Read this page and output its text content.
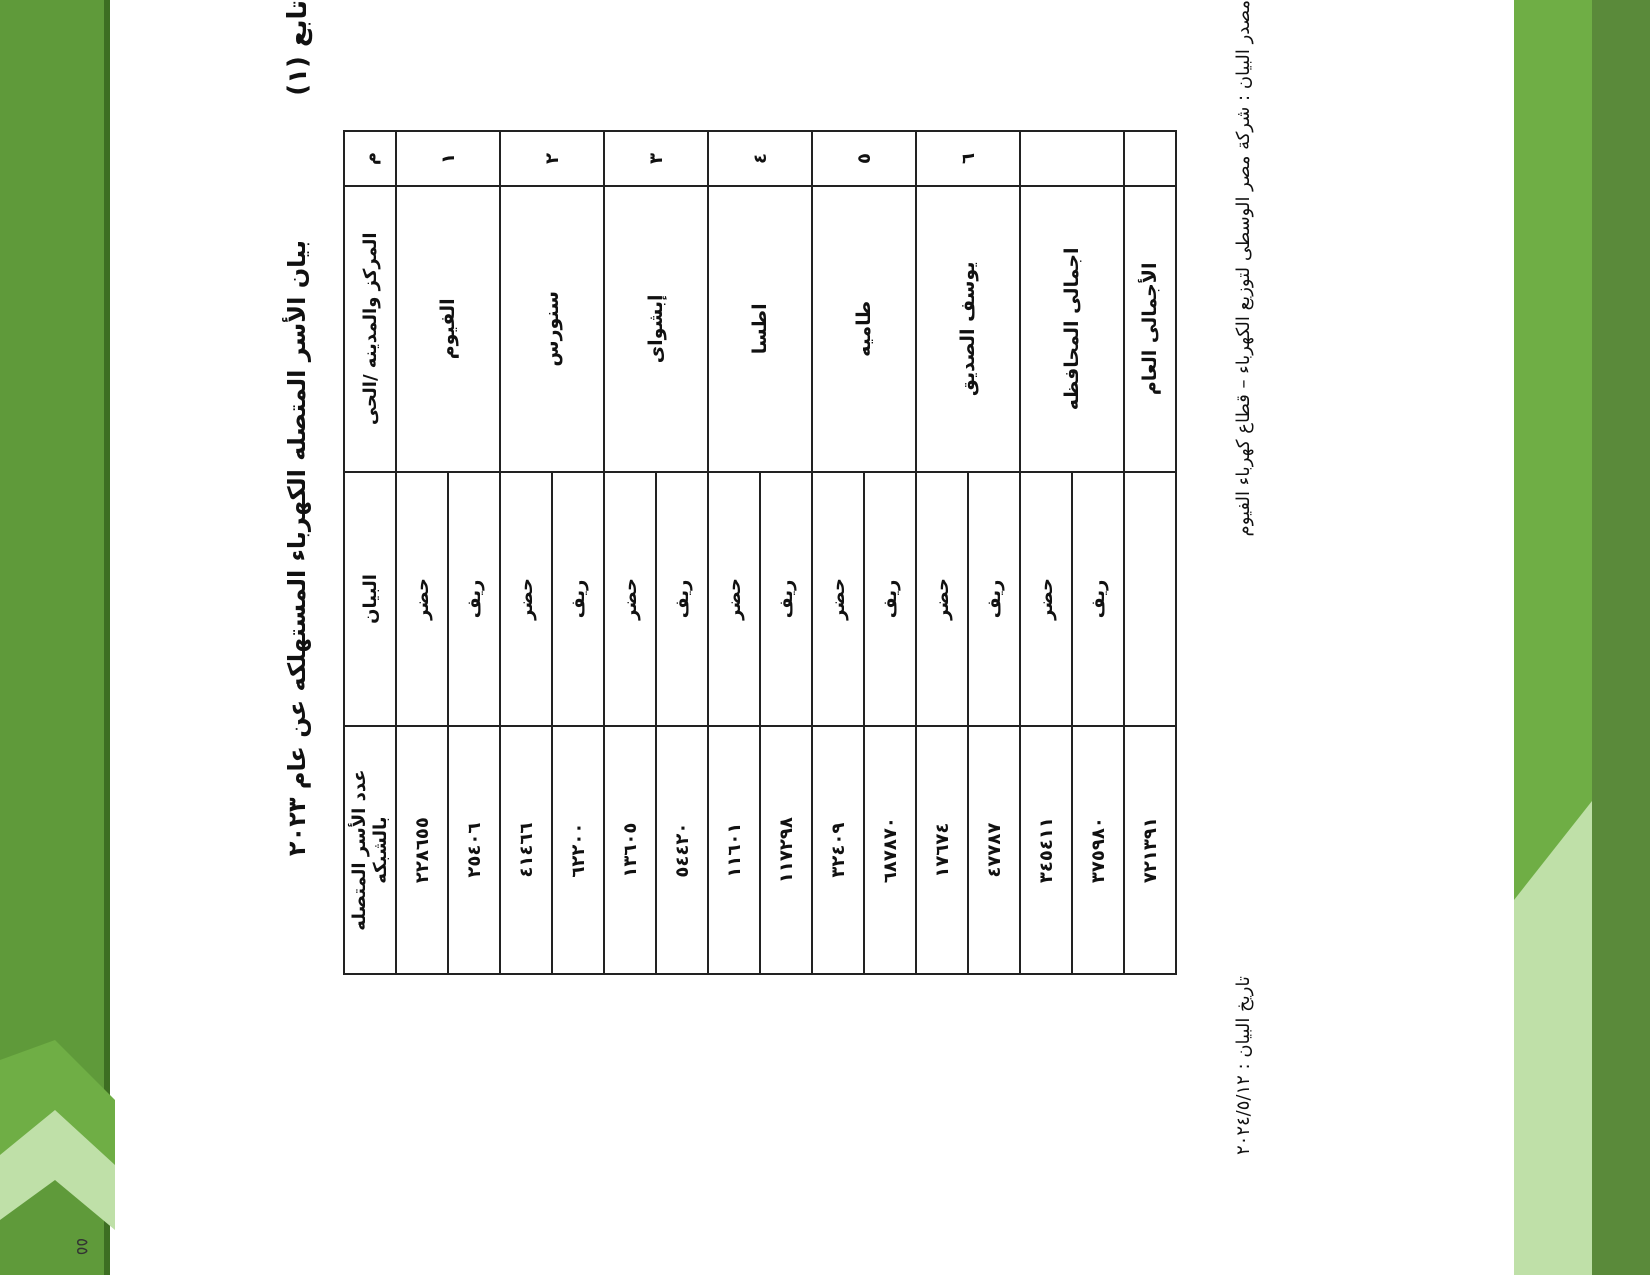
٥٥
تابع (١)
بيان الأسر المتصله الكهرباء المستهلكه عن عام ٢٠٢٣
م	المركز والمدينه /الحى	البيان	عدد الأسر المتصله بالشبكه
١	الفيوم	حضر	٢٢٨٦٥٥
		ريف	٢٥٤٠٦
٢	سنورس	حضر	٤١٤٦٦
		ريف	٦٢٢٠٠
٣	إبشواى	حضر	١٣٦٠٥
		ريف	٥٤٤٢٠
٤	اطسا	حضر	١١٦٠١
		ريف	١١٧٢٩٨
٥	طاميه	حضر	٣٢٤٠٩
		ريف	٦٨٧٨٧٠
٦	يوسف الصديق	حضر	١٧٦٧٤
		ريف	٤٧٧٨٧
	اجمالى المحافظه	حضر	٣٤٥٤١١
		ريف	٣٧٥٩٨٠
	الأجمالى العام		٧٢١٣٩١
مصدر البيان : شركة مصر الوسطى لتوزيع الكهرباء – قطاع كهرباء الفيوم
تاريخ البيان : ٢٠٢٤/٥/١٢
